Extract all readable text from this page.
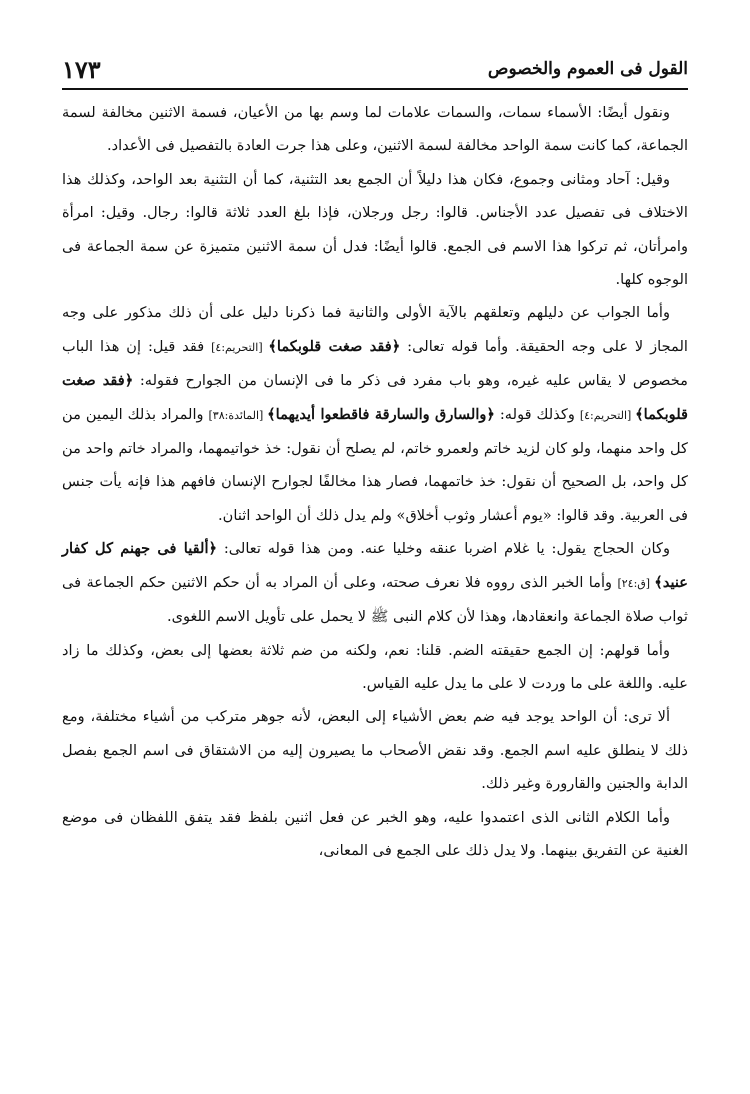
القول فى العموم والخصوص
١٧٣

ونقول أيضًا: الأسماء سمات، والسمات علامات لما وسم بها من الأعيان، فسمة الاثنين مخالفة لسمة الجماعة، كما كانت سمة الواحد مخالفة لسمة الاثنين، وعلى هذا جرت العادة بالتفصيل فى الأعداد.

وقيل: آحاد ومثانى وجموع، فكان هذا دليلاً أن الجمع بعد التثنية، كما أن التثنية بعد الواحد، وكذلك هذا الاختلاف فى تفصيل عدد الأجناس. قالوا: رجل ورجلان، فإذا بلغ العدد ثلاثة قالوا: رجال. وقيل: امرأة وامرأتان، ثم تركوا هذا الاسم فى الجمع. قالوا أيضًا: فدل أن سمة الاثنين متميزة عن سمة الجماعة فى الوجوه كلها.

وأما الجواب عن دليلهم وتعلقهم بالآية الأولى والثانية فما ذكرنا دليل على أن ذلك مذكور على وجه المجاز لا على وجه الحقيقة. وأما قوله تعالى: ﴿فقد صغت قلوبكما﴾ [التحريم:٤] فقد قيل: إن هذا الباب مخصوص لا يقاس عليه غيره، وهو باب مفرد فى ذكر ما فى الإنسان من الجوارح فقوله: ﴿فقد صغت قلوبكما﴾ [التحريم:٤] وكذلك قوله: ﴿والسارق والسارقة فاقطعوا أيديهما﴾ [المائدة:٣٨] والمراد بذلك اليمين من كل واحد منهما، ولو كان لزيد خاتم ولعمرو خاتم، لم يصلح أن نقول: خذ خواتيمهما، والمراد خاتم واحد من كل واحد، بل الصحيح أن نقول: خذ خاتمهما، فصار هذا مخالفًا لجوارح الإنسان فافهم هذا فإنه يأت جنس فى العربية. وقد قالوا: «يوم أعشار وثوب أخلاق» ولم يدل ذلك أن الواحد اثنان.

وكان الحجاج يقول: يا غلام اضربا عنقه وخليا عنه. ومن هذا قوله تعالى: ﴿ألقيا فى جهنم كل كفار عنيد﴾ [ق:٢٤] وأما الخبر الذى رووه فلا نعرف صحته، وعلى أن المراد به أن حكم الاثنين حكم الجماعة فى ثواب صلاة الجماعة وانعقادها، وهذا لأن كلام النبى ﷺ لا يحمل على تأويل الاسم اللغوى.

وأما قولهم: إن الجمع حقيقته الضم. قلنا: نعم، ولكنه من ضم ثلاثة بعضها إلى بعض، وكذلك ما زاد عليه. واللغة على ما وردت لا على ما يدل عليه القياس.

ألا ترى: أن الواحد يوجد فيه ضم بعض الأشياء إلى البعض، لأنه جوهر متركب من أشياء مختلفة، ومع ذلك لا ينطلق عليه اسم الجمع. وقد نقض الأصحاب ما يصيرون إليه من الاشتقاق فى اسم الجمع بفصل الدابة والجنين والقارورة وغير ذلك.

وأما الكلام الثانى الذى اعتمدوا عليه، وهو الخبر عن فعل اثنين بلفظ فقد يتفق اللفظان فى موضع الغنية عن التفريق بينهما. ولا يدل ذلك على الجمع فى المعانى،
